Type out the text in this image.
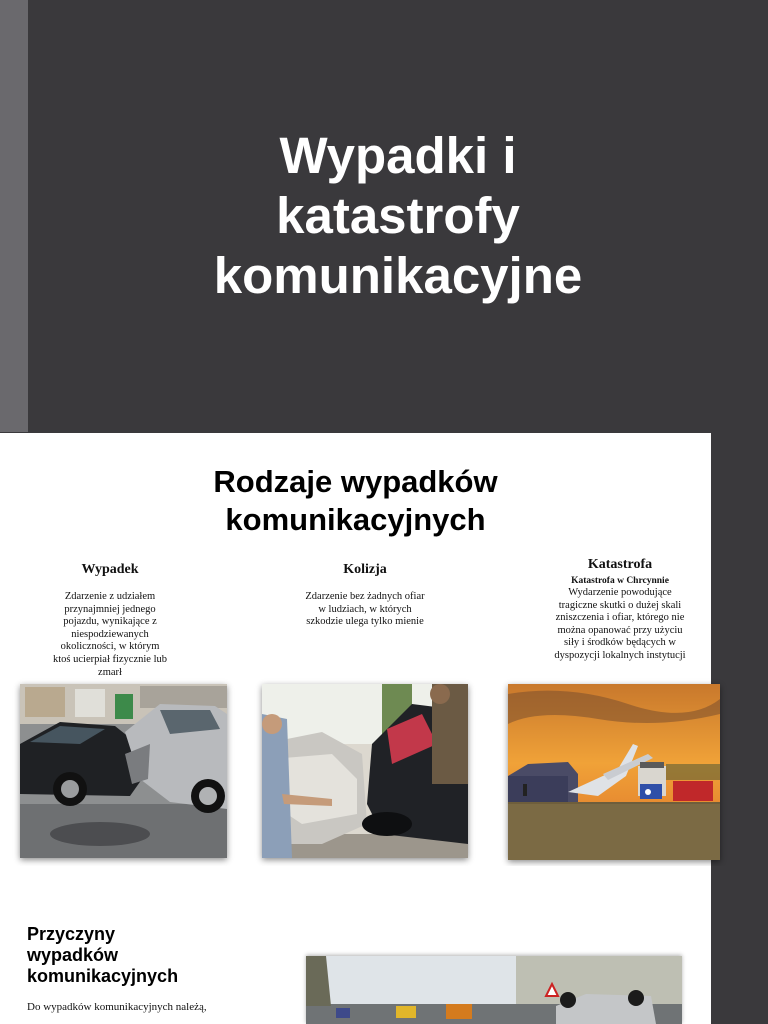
Wypadki i
katastrofy
komunikacyjne
Rodzaje wypadków
komunikacyjnych
Wypadek

Zdarzenie z udziałem
przynajmniej jednego
pojazdu, wynikające z
niespodziewanych
okoliczności, w którym
ktoś ucierpiał fizycznie lub
zmarł

Kolizja

Zdarzenie bez żadnych ofiar
w ludziach, w których
szkodzie ulega tylko mienie

Katastrofa
Katastrofa w Chrcynnie

Wydarzenie powodujące
tragiczne skutki o dużej skali
zniszczenia i ofiar, którego nie
można opanować przy użyciu
siły i środków będących w
dyspozycji lokalnych instytucji

Przyczyny
wypadków
komunikacyjnych
Do wypadków komunikacyjnych należą,
